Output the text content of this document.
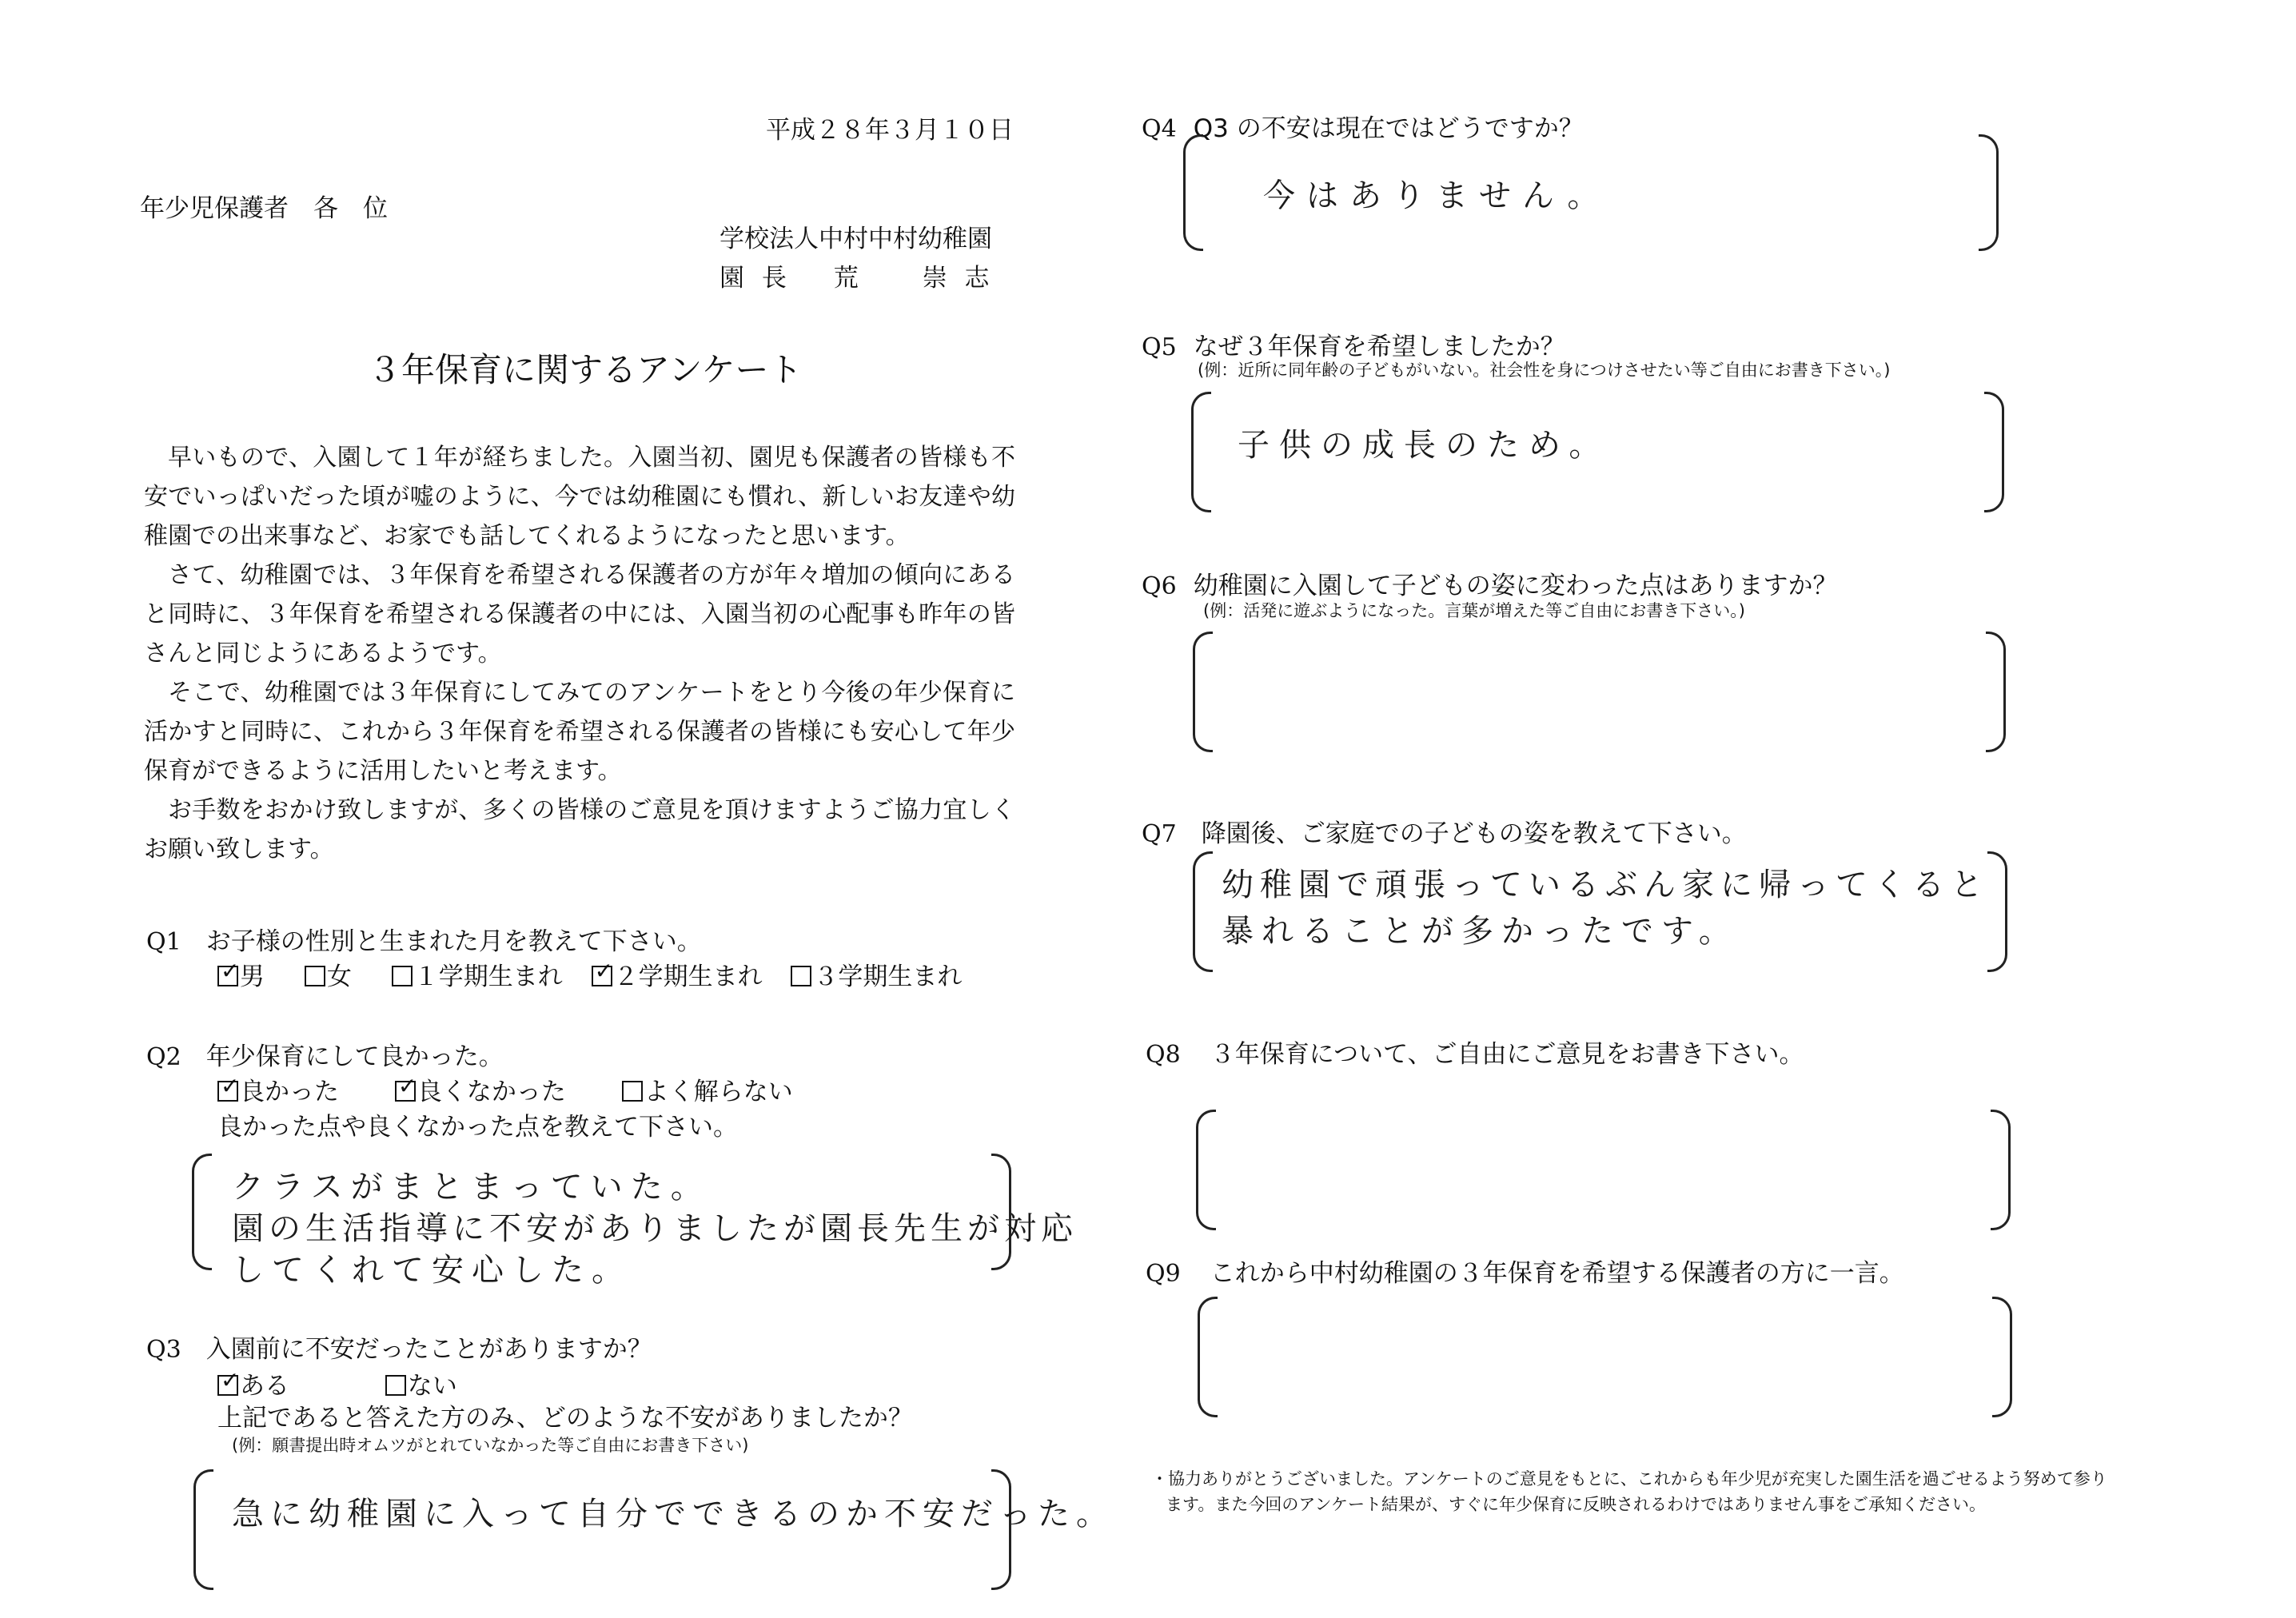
平成２８年３月１０日
年少児保護者　各　位
学校法人中村中村幼稚園
園 長　 荒　　崇 志
３年保育に関するアンケート

早いもので、入園して１年が経ちました。入園当初、園児も保護者の皆様も不安でいっぱいだった頃が嘘のように、今では幼稚園にも慣れ、新しいお友達や幼稚園での出来事など、お家でも話してくれるようになったと思います。

さて、幼稚園では、３年保育を希望される保護者の方が年々増加の傾向にあると同時に、３年保育を希望される保護者の中には、入園当初の心配事も昨年の皆さんと同じようにあるようです。

そこで、幼稚園では３年保育にしてみてのアンケートをとり今後の年少保育に活かすと同時に、これから３年保育を希望される保護者の皆様にも安心して年少保育ができるように活用したいと考えます。

お手数をおかけ致しますが、多くの皆様のご意見を頂けますようご協力宜しくお願い致します。

Q1 お子様の性別と生まれた月を教えて下さい。
✓男	女	１学期生まれ ✓ ２学期生まれ ３学期生まれ
Q2 年少保育にして良かった。
✓良かった ✓	良くなかった	よく解らない
良かった点や良くなかった点を教えて下さい。
クラスがまとまっていた。
園の生活指導に不安がありましたが園長先生が対応
してくれて安心した。
Q3 入園前に不安だったことがありますか？
✓ある	ない
上記であると答えた方のみ、どのような不安がありましたか？
(例：願書提出時オムツがとれていなかった等ご自由にお書き下さい)
急に幼稚園に入って自分でできるのか不安だった。
Q4 Q3 の不安は現在ではどうですか？
今はありません。
Q5 なぜ３年保育を希望しましたか？
(例：近所に同年齢の子どもがいない。社会性を身につけさせたい等ご自由にお書き下さい。)
子供の成長のため。
Q6 幼稚園に入園して子どもの姿に変わった点はありますか？
(例：活発に遊ぶようになった。言葉が増えた等ご自由にお書き下さい。)
Q7 降園後、ご家庭での子どもの姿を教えて下さい。
幼稚園で頑張っているぶん家に帰ってくると
暴れることが多かったです。
Q8 ３年保育について、ご自由にご意見をお書き下さい。
Q9 これから中村幼稚園の３年保育を希望する保護者の方に一言。
・協力ありがとうございました。アンケートのご意見をもとに、これからも年少児が充実した園生活を過ごせるよう努めて参り
ます。また今回のアンケート結果が、すぐに年少保育に反映されるわけではありません事をご承知ください。
